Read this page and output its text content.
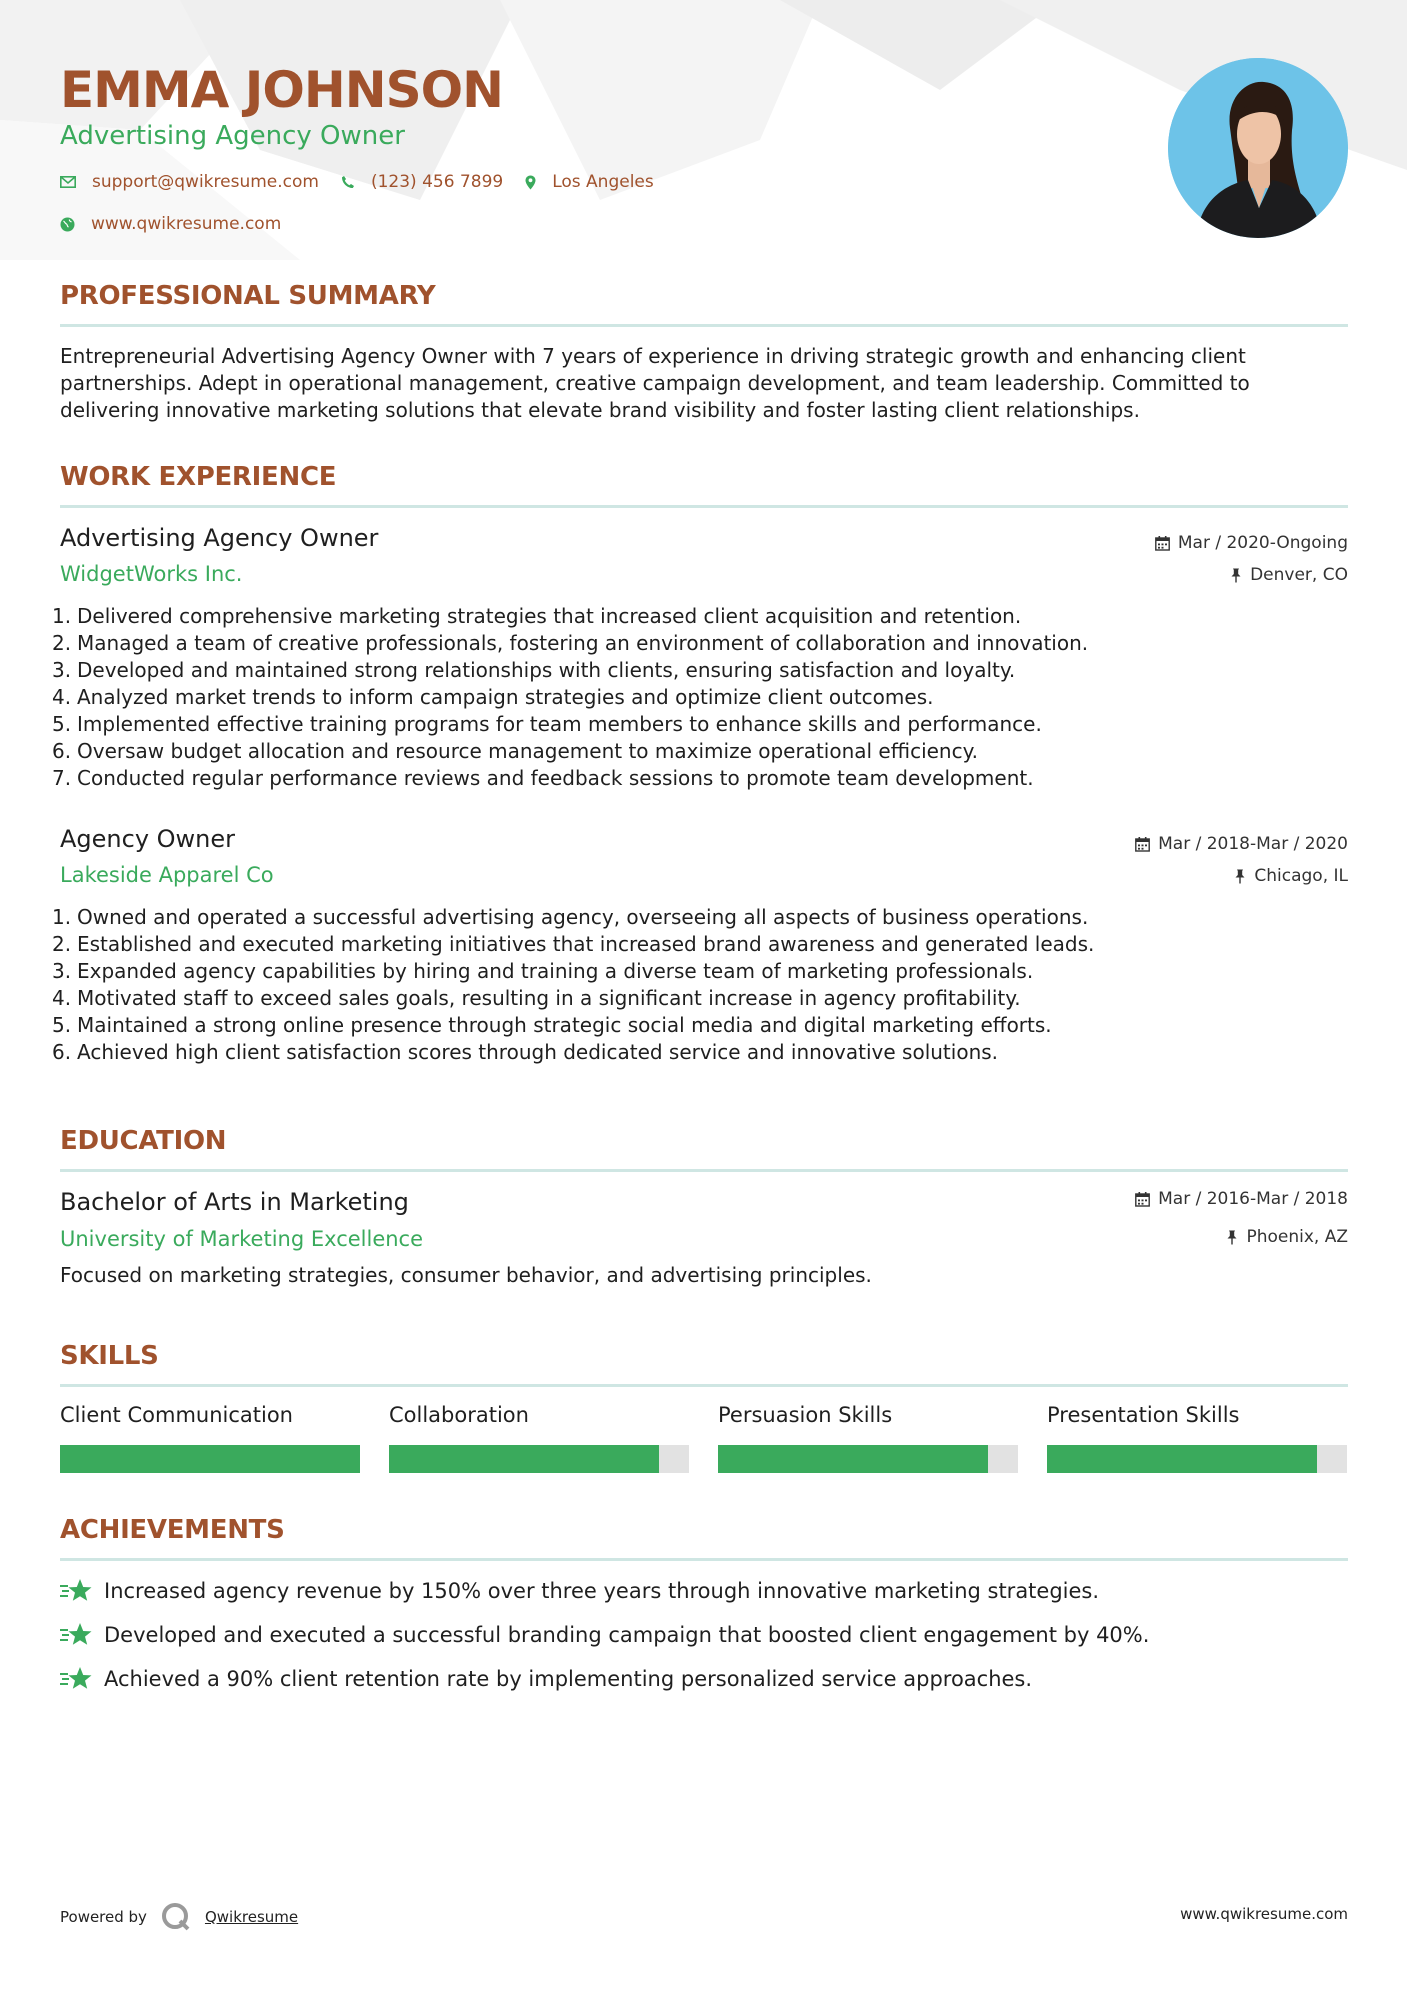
EMMA JOHNSON
Advertising Agency Owner
support@qwikresume.com	(123) 456 7899	Los Angeles
www.qwikresume.com
PROFESSIONAL SUMMARY
Entrepreneurial Advertising Agency Owner with 7 years of experience in driving strategic growth and enhancing client partnerships. Adept in operational management, creative campaign development, and team leadership. Committed to delivering innovative marketing solutions that elevate brand visibility and foster lasting client relationships.
WORK EXPERIENCE
Advertising Agency Owner	Mar / 2020-Ongoing
WidgetWorks Inc.	Denver, CO
1. Delivered comprehensive marketing strategies that increased client acquisition and retention.
2. Managed a team of creative professionals, fostering an environment of collaboration and innovation.
3. Developed and maintained strong relationships with clients, ensuring satisfaction and loyalty.
4. Analyzed market trends to inform campaign strategies and optimize client outcomes.
5. Implemented effective training programs for team members to enhance skills and performance.
6. Oversaw budget allocation and resource management to maximize operational efficiency.
7. Conducted regular performance reviews and feedback sessions to promote team development.
Agency Owner	Mar / 2018-Mar / 2020
Lakeside Apparel Co	Chicago, IL
1. Owned and operated a successful advertising agency, overseeing all aspects of business operations.
2. Established and executed marketing initiatives that increased brand awareness and generated leads.
3. Expanded agency capabilities by hiring and training a diverse team of marketing professionals.
4. Motivated staff to exceed sales goals, resulting in a significant increase in agency profitability.
5. Maintained a strong online presence through strategic social media and digital marketing efforts.
6. Achieved high client satisfaction scores through dedicated service and innovative solutions.
EDUCATION
Bachelor of Arts in Marketing	Mar / 2016-Mar / 2018
University of Marketing Excellence	Phoenix, AZ
Focused on marketing strategies, consumer behavior, and advertising principles.
SKILLS
Client Communication	Collaboration	Persuasion Skills	Presentation Skills
ACHIEVEMENTS
Increased agency revenue by 150% over three years through innovative marketing strategies.
Developed and executed a successful branding campaign that boosted client engagement by 40%.
Achieved a 90% client retention rate by implementing personalized service approaches.
Powered by	Qwikresume	www.qwikresume.com
